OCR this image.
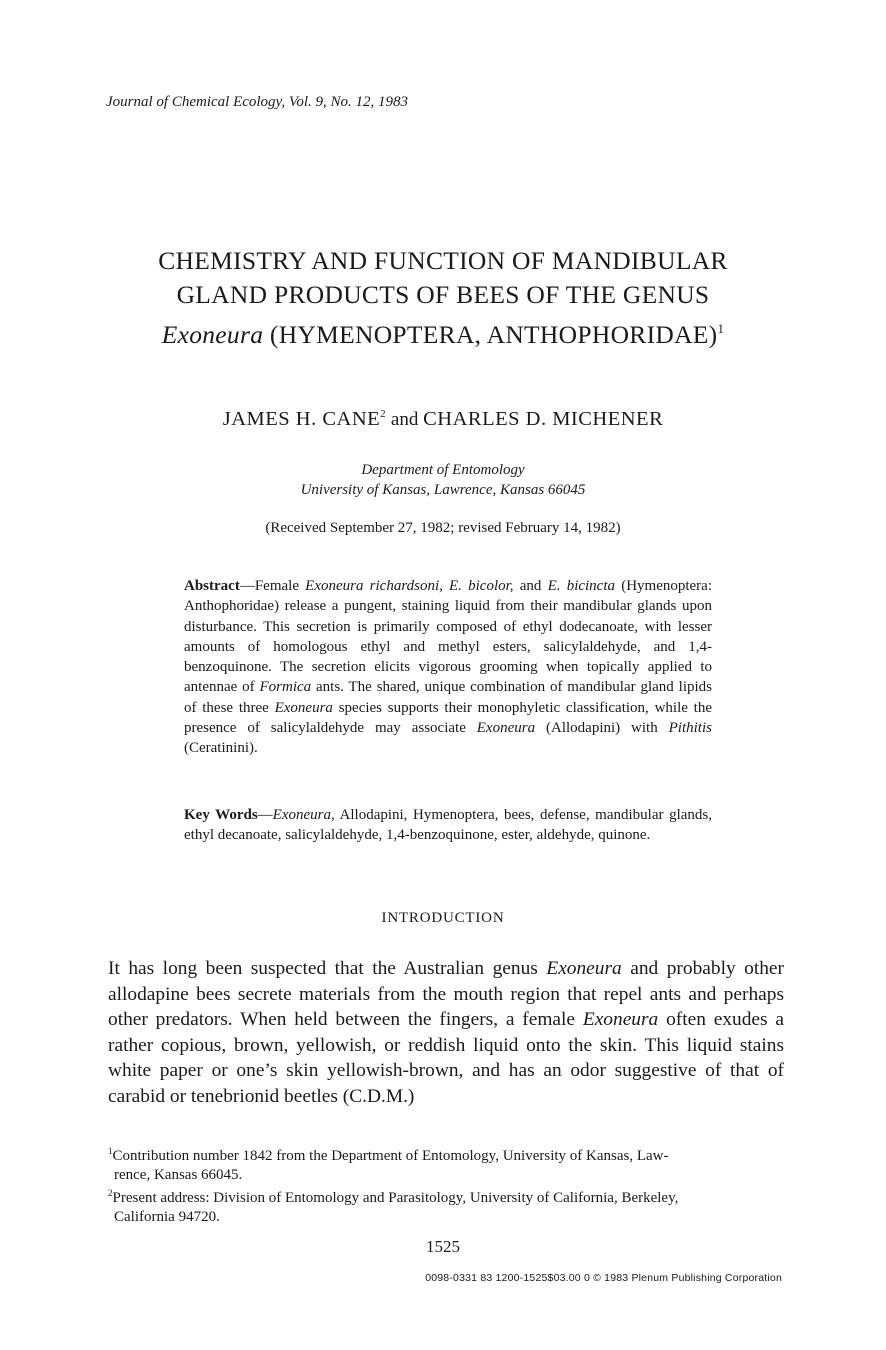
Journal of Chemical Ecology, Vol. 9, No. 12, 1983
CHEMISTRY AND FUNCTION OF MANDIBULAR
GLAND PRODUCTS OF BEES OF THE GENUS
Exoneura (HYMENOPTERA, ANTHOPHORIDAE)$^1$
JAMES H. CANE$^2$ and CHARLES D. MICHENER
Department of Entomology
University of Kansas, Lawrence, Kansas 66045
(Received September 27, 1982; revised February 14, 1982)
Abstract—Female Exoneura richardsoni, E. bicolor, and E. bicincta (Hymenoptera: Anthophoridae) release a pungent, staining liquid from their mandibular glands upon disturbance. This secretion is primarily composed of ethyl dodecanoate, with lesser amounts of homologous ethyl and methyl esters, salicylaldehyde, and 1,4-benzoquinone. The secretion elicits vigorous grooming when topically applied to antennae of Formica ants. The shared, unique combination of mandibular gland lipids of these three Exoneura species supports their monophyletic classification, while the presence of salicylaldehyde may associate Exoneura (Allodapini) with Pithitis (Ceratinini).
Key Words—Exoneura, Allodapini, Hymenoptera, bees, defense, mandibular glands, ethyl decanoate, salicylaldehyde, 1,4-benzoquinone, ester, aldehyde, quinone.
INTRODUCTION
It has long been suspected that the Australian genus Exoneura and probably other allodapine bees secrete materials from the mouth region that repel ants and perhaps other predators. When held between the fingers, a female Exoneura often exudes a rather copious, brown, yellowish, or reddish liquid onto the skin. This liquid stains white paper or one’s skin yellowish-brown, and has an odor suggestive of that of carabid or tenebrionid beetles (C.D.M.)
$^1$Contribution number 1842 from the Department of Entomology, University of Kansas, Law-
rence, Kansas 66045.
$^2$Present address: Division of Entomology and Parasitology, University of California, Berkeley,
California 94720.
1525
0098-0331 83 1200-1525$03.00 0 © 1983 Plenum Publishing Corporation
